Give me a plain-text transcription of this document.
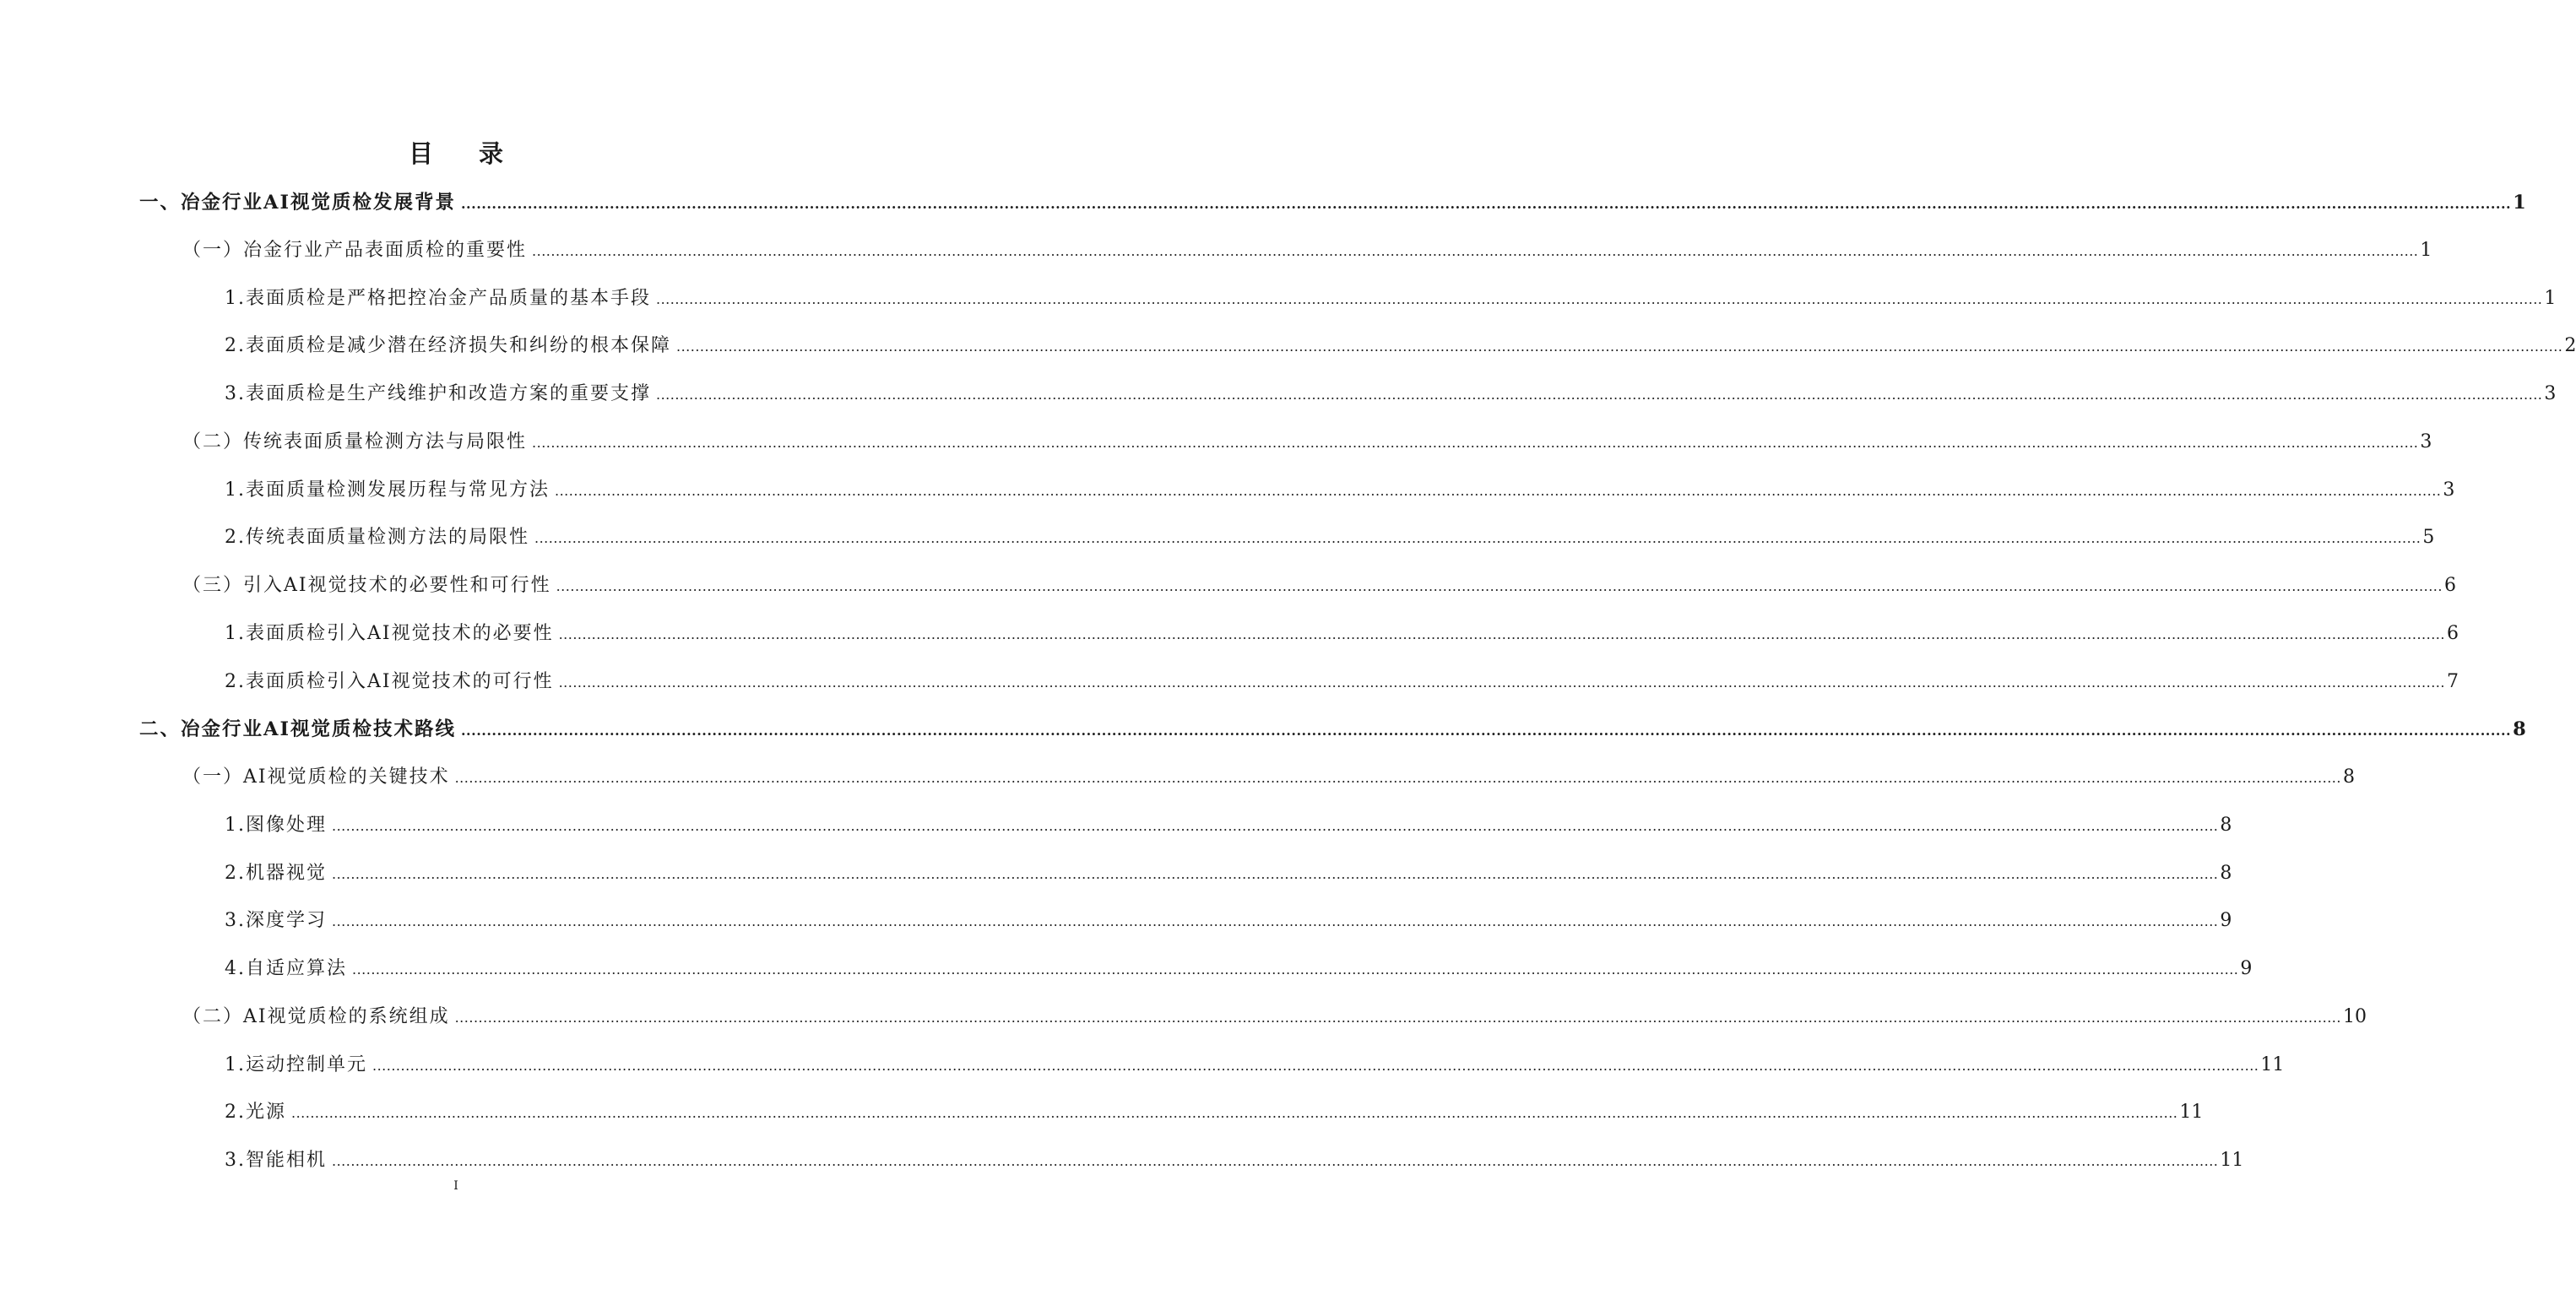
目 录
一、冶金行业AI视觉质检发展背景 ................................................................................................................................................................................................................................................................................................................................................................................................................ 1
（一）冶金行业产品表面质检的重要性 ................................................................................................................................................................................................................................................................................................................................................................................................................ 1
1.表面质检是严格把控冶金产品质量的基本手段 ................................................................................................................................................................................................................................................................................................................................................................................................................ 1
2.表面质检是减少潜在经济损失和纠纷的根本保障 ................................................................................................................................................................................................................................................................................................................................................................................................................ 2
3.表面质检是生产线维护和改造方案的重要支撑 ................................................................................................................................................................................................................................................................................................................................................................................................................ 3
（二）传统表面质量检测方法与局限性 ................................................................................................................................................................................................................................................................................................................................................................................................................ 3
1.表面质量检测发展历程与常见方法 ................................................................................................................................................................................................................................................................................................................................................................................................................ 3
2.传统表面质量检测方法的局限性 ................................................................................................................................................................................................................................................................................................................................................................................................................ 5
（三）引入AI视觉技术的必要性和可行性 ................................................................................................................................................................................................................................................................................................................................................................................................................ 6
1.表面质检引入AI视觉技术的必要性 ................................................................................................................................................................................................................................................................................................................................................................................................................ 6
2.表面质检引入AI视觉技术的可行性 ................................................................................................................................................................................................................................................................................................................................................................................................................ 7
二、冶金行业AI视觉质检技术路线 ................................................................................................................................................................................................................................................................................................................................................................................................................ 8
（一）AI视觉质检的关键技术 ................................................................................................................................................................................................................................................................................................................................................................................................................ 8
1.图像处理 ................................................................................................................................................................................................................................................................................................................................................................................................................ 8
2.机器视觉 ................................................................................................................................................................................................................................................................................................................................................................................................................ 8
3.深度学习 ................................................................................................................................................................................................................................................................................................................................................................................................................ 9
4.自适应算法 ................................................................................................................................................................................................................................................................................................................................................................................................................ 9
（二）AI视觉质检的系统组成 ................................................................................................................................................................................................................................................................................................................................................................................................................ 10
1.运动控制单元 ................................................................................................................................................................................................................................................................................................................................................................................................................ 11
2.光源 ................................................................................................................................................................................................................................................................................................................................................................................................................ 11
3.智能相机 ................................................................................................................................................................................................................................................................................................................................................................................................................ 11
I
